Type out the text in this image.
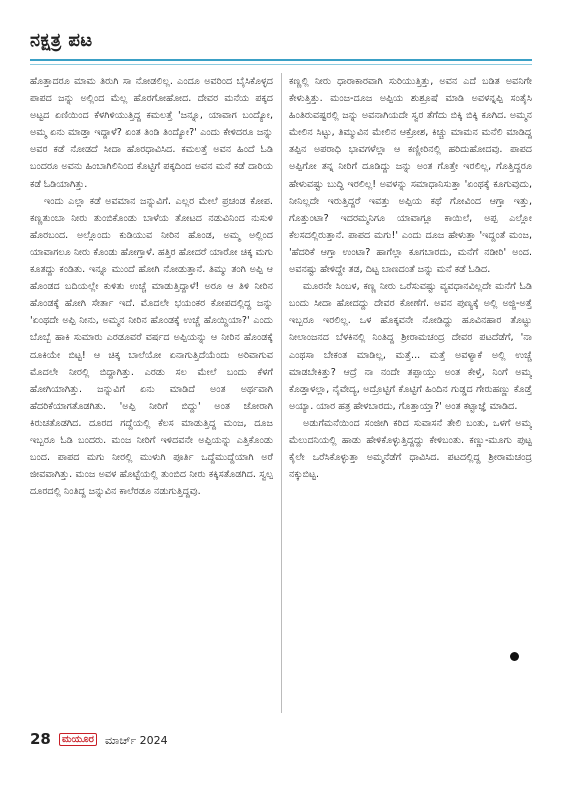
ನಕ್ಷತ್ರ ಪಟ

ಹೊತ್ತಾದರೂ ಮಾಮ ತಿರುಗಿ ಸಾ ನೋಡಲಿಲ್ಲ. ಎಂದೂ ಅವರಿಂದ ಬೈಸಿಕೊಳ್ಳದ ಪಾಪದ ಜನ್ನು ಅಲ್ಲಿಂದ ಮೆಲ್ಲ ಹೊರಗೋಹೋದ. ದೇವರ ಮನೆಯ ಪಕ್ಕದ ಅಟ್ಟದ ಏಣಿಯಿಂದ ಕೆಳಗಿಳಿಯುತ್ತಿದ್ದ ಕಮಲತ್ತೆ 'ಜನ್ನೂ, ಯಾವಾಗ ಬಂದ್ಯೋ, ಅಮ್ಮ ಏನು ಮಾಡ್ತಾ ಇದ್ದಾಳೆ? ಏಂತ ತಿಂಡಿ ತಿಂದ್ಯೋ?' ಎಂದು ಕೇಳಿದರೂ ಜನ್ನು ಅವರ ಕಡೆ ನೋಡದೆ ಸೀದಾ ಹೊರಧಾವಿಸಿದ. ಕಮಲತ್ತೆ ಅವನ ಹಿಂದೆ ಓಡಿ ಬಂದರೂ ಅವನು ಹಿಂಬಾಗಿಲಿನಿಂದ ಕೊಟ್ಟಿಗೆ ಪಕ್ಕದಿಂದ ಅವನ ಮನೆ ಕಡೆ ದಾರಿಯ ಕಡೆ ಓಡಿಯಾಗಿತ್ತು.

ಇಂದು ಎಲ್ಲಾ ಕಡೆ ಅವಮಾನ ಜನ್ನುವಿಗೆ. ಎಲ್ಲರ ಮೇಲೆ ಪ್ರಚಂಡ ಕೋಪ. ಕಣ್ಣತುಂಬಾ ನೀರು ತುಂಬಿಕೊಂಡು ಬಾಳೆಯ ತೋಟದ ನಡುವಿನಿಂದ ನುಸುಳಿ ಹೊರಬಂದ. ಅಲ್ಲೊಂದು ಕುಡಿಯುವ ನೀರಿನ ಹೊಂಡ, ಅಮ್ಮ ಅಲ್ಲಿಂದ ಯಾವಾಗಲೂ ನೀರು ಕೊಂಡು ಹೋಗ್ತಾಳೆ. ಹತ್ತಿರ ಹೋದರೆ ಯಾರೋ ಚಿಕ್ಕ ಮಗು ಕೂತದ್ದು ಕಂಡಿತು. ಇನ್ನೂ ಮುಂದೆ ಹೋಗಿ ನೋಡುತ್ತಾನೆ. ತಿಮ್ಮು ತಂಗಿ ಅಪ್ಪಿ ಆ ಹೊಂಡದ ಬದಿಯಲ್ಲೇ ಕುಳಿತು ಉಚ್ಚೆ ಮಾಡುತ್ತಿದ್ದಾಳೆ! ಅರೂ ಆ ತಿಳಿ ನೀರಿನ ಹೊಂಡಕ್ಕೆ ಹೋಗಿ ಸೇರ್ತಾ ಇದೆ. ಮೊದಲೇ ಭಯಂಕರ ಕೋಪದಲ್ಲಿದ್ದ ಜನ್ನು 'ಏಂಥದೇ ಅಪ್ಪಿ ನೀನು, ಅಮ್ಮನ ನೀರಿನ ಹೊಂಡಕ್ಕೆ ಉಚ್ಚೆ ಹೊಯ್ದಿಯಾ?' ಎಂದು ಬೊಬ್ಬೆ ಹಾಕಿ ಸುಮಾರು ಎರಡೂವರೆ ವರ್ಷದ ಅಪ್ಪಿಯನ್ನು ಆ ನೀರಿನ ಹೊಂಡಕ್ಕೆ ದೂಕಿಯೇ ಬಿಟ್ಟ! ಆ ಚಿಕ್ಕ ಬಾಲೆಯೋ ಏನಾಗುತ್ತಿದೆಯೆಂದು ಅರಿವಾಗುವ ಮೊದಲೇ ನೀರಲ್ಲಿ ಬಿದ್ದಾಗಿತ್ತು. ಎರಡು ಸಲ ಮೇಲೆ ಬಂದು ಕೆಳಗೆ ಹೋಗಿಯಾಗಿತ್ತು. ಜನ್ನುವಿಗೆ ಏನು ಮಾಡಿದೆ ಅಂತ ಅರ್ಥವಾಗಿ ಹೆದರಿಕೆಯಾಗತೊಡಗಿತು. 'ಅಪ್ಪಿ ನೀರಿಗೆ ಬಿದ್ದು' ಅಂತ ಜೋರಾಗಿ ಕಿರುಚತೊಡಗಿದ. ದೂರದ ಗದ್ದೆಯಲ್ಲಿ ಕೆಲಸ ಮಾಡುತ್ತಿದ್ದ ಮಂಜ, ದೂಜ ಇಬ್ಬರೂ ಓಡಿ ಬಂದರು. ಮಂಜ ನೀರಿಗೆ ಇಳಿದವನೇ ಅಪ್ಪಿಯನ್ನು ಎತ್ತಿಕೊಂಡು ಬಂದ. ಪಾಪದ ಮಗು ನೀರಲ್ಲಿ ಮುಳುಗಿ ಪೂರ್ತಿ ಒದ್ದೆಮುದ್ದೆಯಾಗಿ ಅರೆ ಜೀವವಾಗಿತ್ತು. ಮಂಜ ಅವಳ ಹೊಟ್ಟೆಯಲ್ಲಿ ತುಂಬಿದ ನೀರು ಕಕ್ಕಿಸತೊಡಗಿದ. ಸ್ವಲ್ಪ ದೂರದಲ್ಲಿ ನಿಂತಿದ್ದ ಜನ್ನುವಿನ ಕಾಲೆರಡೂ ನಡುಗುತ್ತಿದ್ದವು.

ಕಣ್ಣಲ್ಲಿ ನೀರು ಧಾರಾಕಾರವಾಗಿ ಸುರಿಯುತ್ತಿತ್ತು, ಅವನ ಎದೆ ಬಡಿತ ಅವನಿಗೇ ಕೇಳುತ್ತಿತ್ತು. ಮಂಜ-ದೂಜ ಅಪ್ಪಿಯ ಶುಶ್ರೂಷೆ ಮಾಡಿ ಅವಳನ್ನಪ್ಪಿ ಸಂತೈಸಿ ಹಿಂತಿರುವಷ್ಟರಲ್ಲಿ ಜನ್ನು ಅವನಾಗಿಯದೇ ಸ್ವರ ತೆಗೆದು ಬಿಕ್ಕಿ ಬಿಕ್ಕಿ ಕೂಗಿದ. ಅಮ್ಮನ ಮೇಲಿನ ಸಿಟ್ಟು, ತಿಮ್ಮುವಿನ ಮೇಲಿನ ಆಕ್ರೋಶ, ಕಿಚ್ಚು ಮಾಮನ ಮನೆಲಿ ಮಾಡಿದ್ದ ತಪ್ಪಿನ ಅಪರಾಧಿ ಭಾವಗಳೆಲ್ಲಾ ಆ ಕಣ್ಣೀರಿನಲ್ಲಿ ಹರಿದುಹೋದವು. ಪಾಪದ ಅಪ್ಪಿಗೋ ತನ್ನ ನೀರಿಗೆ ದೂಡಿದ್ದು ಜನ್ನು ಅಂತ ಗೊತ್ತೇ ಇರಲಿಲ್ಲ, ಗೊತ್ತಿದ್ದರೂ ಹೇಳುವಷ್ಟು ಬುದ್ಧಿ ಇರಲಿಲ್ಲ! ಅವಳನ್ನು ಸಮಾಧಾನಿಸುತ್ತಾ 'ಏಂಥಕ್ಕೆ ಕೂಗುವುದು, ನೀನಿಲ್ಲದೇ ಇರುತ್ತಿದ್ದರೆ ಇವತ್ತು ಅಪ್ಪಿಯ ಕಥೆ ಗೋವಿಂದ ಆಗ್ತಾ ಇತ್ತು, ಗೊತ್ತುಂಟಾ? ಇದರಮ್ಮನಿಗೂ ಯಾವಾಗ್ಲೂ ಕಾಯಿಲೆ, ಅಪ್ಪ ಎಲ್ಲೋ ಕೆಲಸದಲ್ಲಿರುತ್ತಾನೆ. ಪಾಪದ ಮಗು!' ಎಂದು ದೂಜ ಹೇಳುತ್ತಾ 'ಇದ್ದಂತೆ ಮಂಜ, 'ಹೆದರಿಕೆ ಆಗ್ತಾ ಉಂಟಾ? ಹಾಗೆಲ್ಲಾ ಕೂಗಬಾರದು, ಮನೆಗೆ ನಡೀರಿ' ಅಂದ. ಅವನಷ್ಟು ಹೇಳಿದ್ದೇ ತಡ, ದಿಟ್ಟ ಬಾಣದಂತೆ ಜನ್ನು ಮನೆ ಕಡೆ ಓಡಿದ.

ಮೂರನೇ ಸಿಂಬಳ, ಕಣ್ಣ ನೀರು ಒರೆಸುವಷ್ಟು ವ್ಯವಧಾನವಿಲ್ಲದೇ ಮನೆಗೆ ಓಡಿ ಬಂದು ಸೀದಾ ಹೋದದ್ದು ದೇವರ ಕೋಣೆಗೆ. ಅವನ ಪುಣ್ಯಕ್ಕೆ ಅಲ್ಲಿ ಅಜ್ಜಿ-ಅತ್ತೆ ಇಬ್ಬರೂ ಇರಲಿಲ್ಲ. ಒಳ ಹೊಕ್ಕವನೇ ನೋಡಿದ್ದು ಹೂವಿನಹಾರ ತೊಟ್ಟು ನೀಲಾಂಜನದ ಬೆಳಕಿನಲ್ಲಿ ನಿಂತಿದ್ದ ಶ್ರೀರಾಮಚಂದ್ರ ದೇವರ ಪಟದೆಡೆಗೆ, 'ನಾ ಎಂಥಸಾ ಬೇಕಂತ ಮಾಡಿಲ್ಲ, ಮತ್ತೆ... ಮತ್ತೆ ಅವಳ್ಯಾಕೆ ಅಲ್ಲಿ ಉಚ್ಚೆ ಮಾಡಬೇಕಿತ್ತು? ಆದ್ರೆ ನಾ ನಂದೇ ತಪ್ಪಾಯ್ತು ಅಂತ ಕೇಳ್ತೆ, ನಿಂಗೆ ಅಮ್ಮ ಕೊಡ್ತಾಳಲ್ಲಾ, ನೈವೇದ್ಯ, ಅದ್ರೊಟ್ಟಿಗೆ ಕೊಟ್ಟಿಗೆ ಹಿಂದಿನ ಗುಡ್ಡದ ಗೇರುಹಣ್ಣು ಕೊಡ್ತೆ ಅಯ್ಯಾ. ಯಾರ ಹತ್ರ ಹೇಳಬಾರದು, ಗೊತ್ತಾಯ್ತಾ?' ಅಂತ ಕಟ್ಟಾಜ್ಞೆ ಮಾಡಿದ.

ಅಡುಗೆಮನೆಯಿಂದ ಸಂಜೀಗಿ ಕರಿದ ಸುವಾಸನೆ ತೇಲಿ ಬಂತು, ಒಳಗೆ ಅಮ್ಮ ಮೆಲುದನಿಯಲ್ಲಿ ಹಾಡು ಹೇಳಿಕೊಳ್ಳುತ್ತಿದ್ದದ್ದು ಕೇಳಿಬಂತು. ಕಣ್ಣು-ಮೂಗು ಪುಟ್ಟ ಕೈಲೇ ಒರೆಸಿಕೊಳ್ಳುತ್ತಾ ಅಮ್ಮನೆಡೆಗೆ ಧಾವಿಸಿದ. ಪಟದಲ್ಲಿದ್ದ ಶ್ರೀರಾಮಚಂದ್ರ ನಕ್ಕುಬಿಟ್ಟ.

28 ಮಯೂರ ಮಾರ್ಚ್ 2024
